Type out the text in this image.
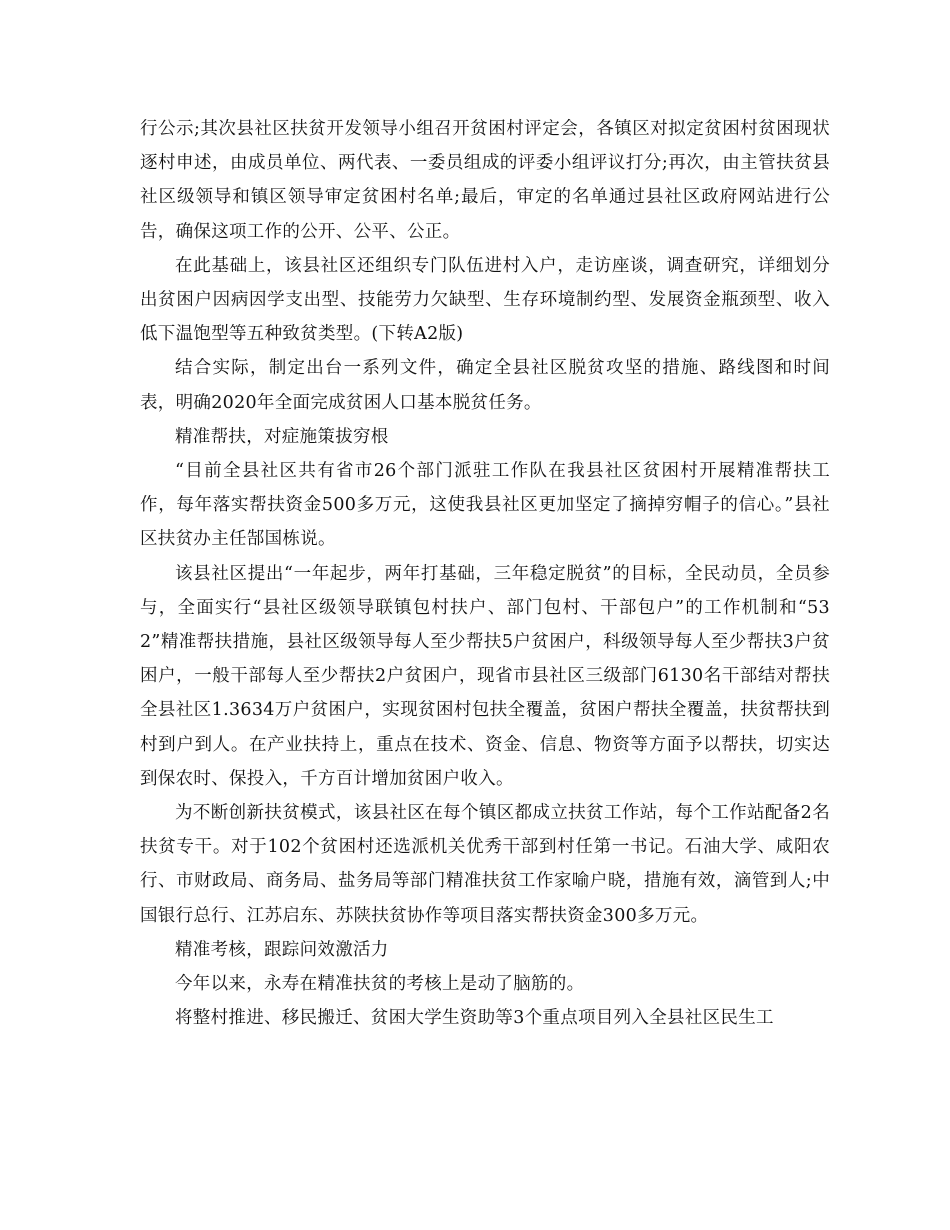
行公示;其次县社区扶贫开发领导小组召开贫困村评定会，各镇区对拟定贫困村贫困现状逐村申述，由成员单位、两代表、一委员组成的评委小组评议打分;再次，由主管扶贫县社区级领导和镇区领导审定贫困村名单;最后，审定的名单通过县社区政府网站进行公告，确保这项工作的公开、公平、公正。

在此基础上，该县社区还组织专门队伍进村入户，走访座谈，调查研究，详细划分出贫困户因病因学支出型、技能劳力欠缺型、生存环境制约型、发展资金瓶颈型、收入低下温饱型等五种致贫类型。(下转A2版)

结合实际，制定出台一系列文件，确定全县社区脱贫攻坚的措施、路线图和时间表，明确2020年全面完成贫困人口基本脱贫任务。

精准帮扶，对症施策拔穷根

“目前全县社区共有省市26个部门派驻工作队在我县社区贫困村开展精准帮扶工作，每年落实帮扶资金500多万元，这使我县社区更加坚定了摘掉穷帽子的信心。”县社区扶贫办主任郜国栋说。

该县社区提出“一年起步，两年打基础，三年稳定脱贫”的目标，全民动员，全员参与，全面实行“县社区级领导联镇包村扶户、部门包村、干部包户”的工作机制和“532”精准帮扶措施，县社区级领导每人至少帮扶5户贫困户，科级领导每人至少帮扶3户贫困户，一般干部每人至少帮扶2户贫困户，现省市县社区三级部门6130名干部结对帮扶全县社区1.3634万户贫困户，实现贫困村包扶全覆盖，贫困户帮扶全覆盖，扶贫帮扶到村到户到人。在产业扶持上，重点在技术、资金、信息、物资等方面予以帮扶，切实达到保农时、保投入，千方百计增加贫困户收入。

为不断创新扶贫模式，该县社区在每个镇区都成立扶贫工作站，每个工作站配备2名扶贫专干。对于102个贫困村还选派机关优秀干部到村任第一书记。石油大学、咸阳农行、市财政局、商务局、盐务局等部门精准扶贫工作家喻户晓，措施有效，滴管到人;中国银行总行、江苏启东、苏陕扶贫协作等项目落实帮扶资金300多万元。

精准考核，跟踪问效激活力

今年以来，永寿在精准扶贫的考核上是动了脑筋的。

将整村推进、移民搬迁、贫困大学生资助等3个重点项目列入全县社区民生工
